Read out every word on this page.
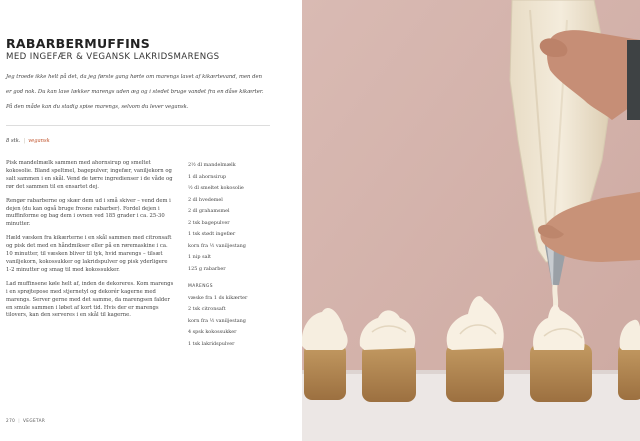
RABARBERMUFFINS
MED INGEFÆR & VEGANSK LAKRIDSMARENGS

Jeg troede ikke helt på det, da jeg første gang hørte om marengs lavet af kikærtevand, men den

er god nok. Du kan lave lækker marengs uden æg og i stedet bruge vandet fra en dåse kikærter.

På den måde kan du stadig spise marengs, selvom du lever vegansk.

8 stk. | vegansk

Pisk mandelmælk sammen med ahornsirup og smeltet kokosolie. Bland speltmel, bagepulver, ingefær, vaniljekorn og salt sammen i en skål. Vend de tørre ingredienser i de våde og rør det sammen til en ensartet dej.

Rengør rabarberne og skær dem ud i små skiver – vend dem i dejen (du kan også bruge frosne rabarber). Fordel dejen i muffinforme og bag dem i ovnen ved 185 grader i ca. 25-30 minutter.

Hæld væsken fra kikærterne i en skål sammen med citronsaft og pisk det med en håndmikser eller på en røremaskine i ca. 10 minutter, til væsken bliver til tyk, hvid marengs – tilsæt vaniljekorn, kokossukker og lakridspulver og pisk yderligere 1-2 minutter og smag til med kokossukker.

Lad muffinsene køle helt af, inden de dekoreres. Kom marengs i en sprøjtepose med stjernetyl og dekorér kagerne med marengs. Server gerne med det samme, da marengsen falder en smule sammen i løbet af kort tid. Hvis der er marengs tilovers, kan den serveres i en skål til kagerne.

2½ dl mandelmælk
1 dl ahornsirup
½ dl smeltet kokosolie
2 dl hvedemel
2 dl grahamsmel
2 tsk bagepulver
1 tsk stødt ingefær
korn fra ½ vaniljestang
1 nip salt
125 g rabarber
MARENGS
væske fra 1 ds kikærter
2 tsk citronsaft
korn fra ½ vaniljestang
4 spsk kokossukker
1 tsk lakridspulver
270 | VEGETAR
